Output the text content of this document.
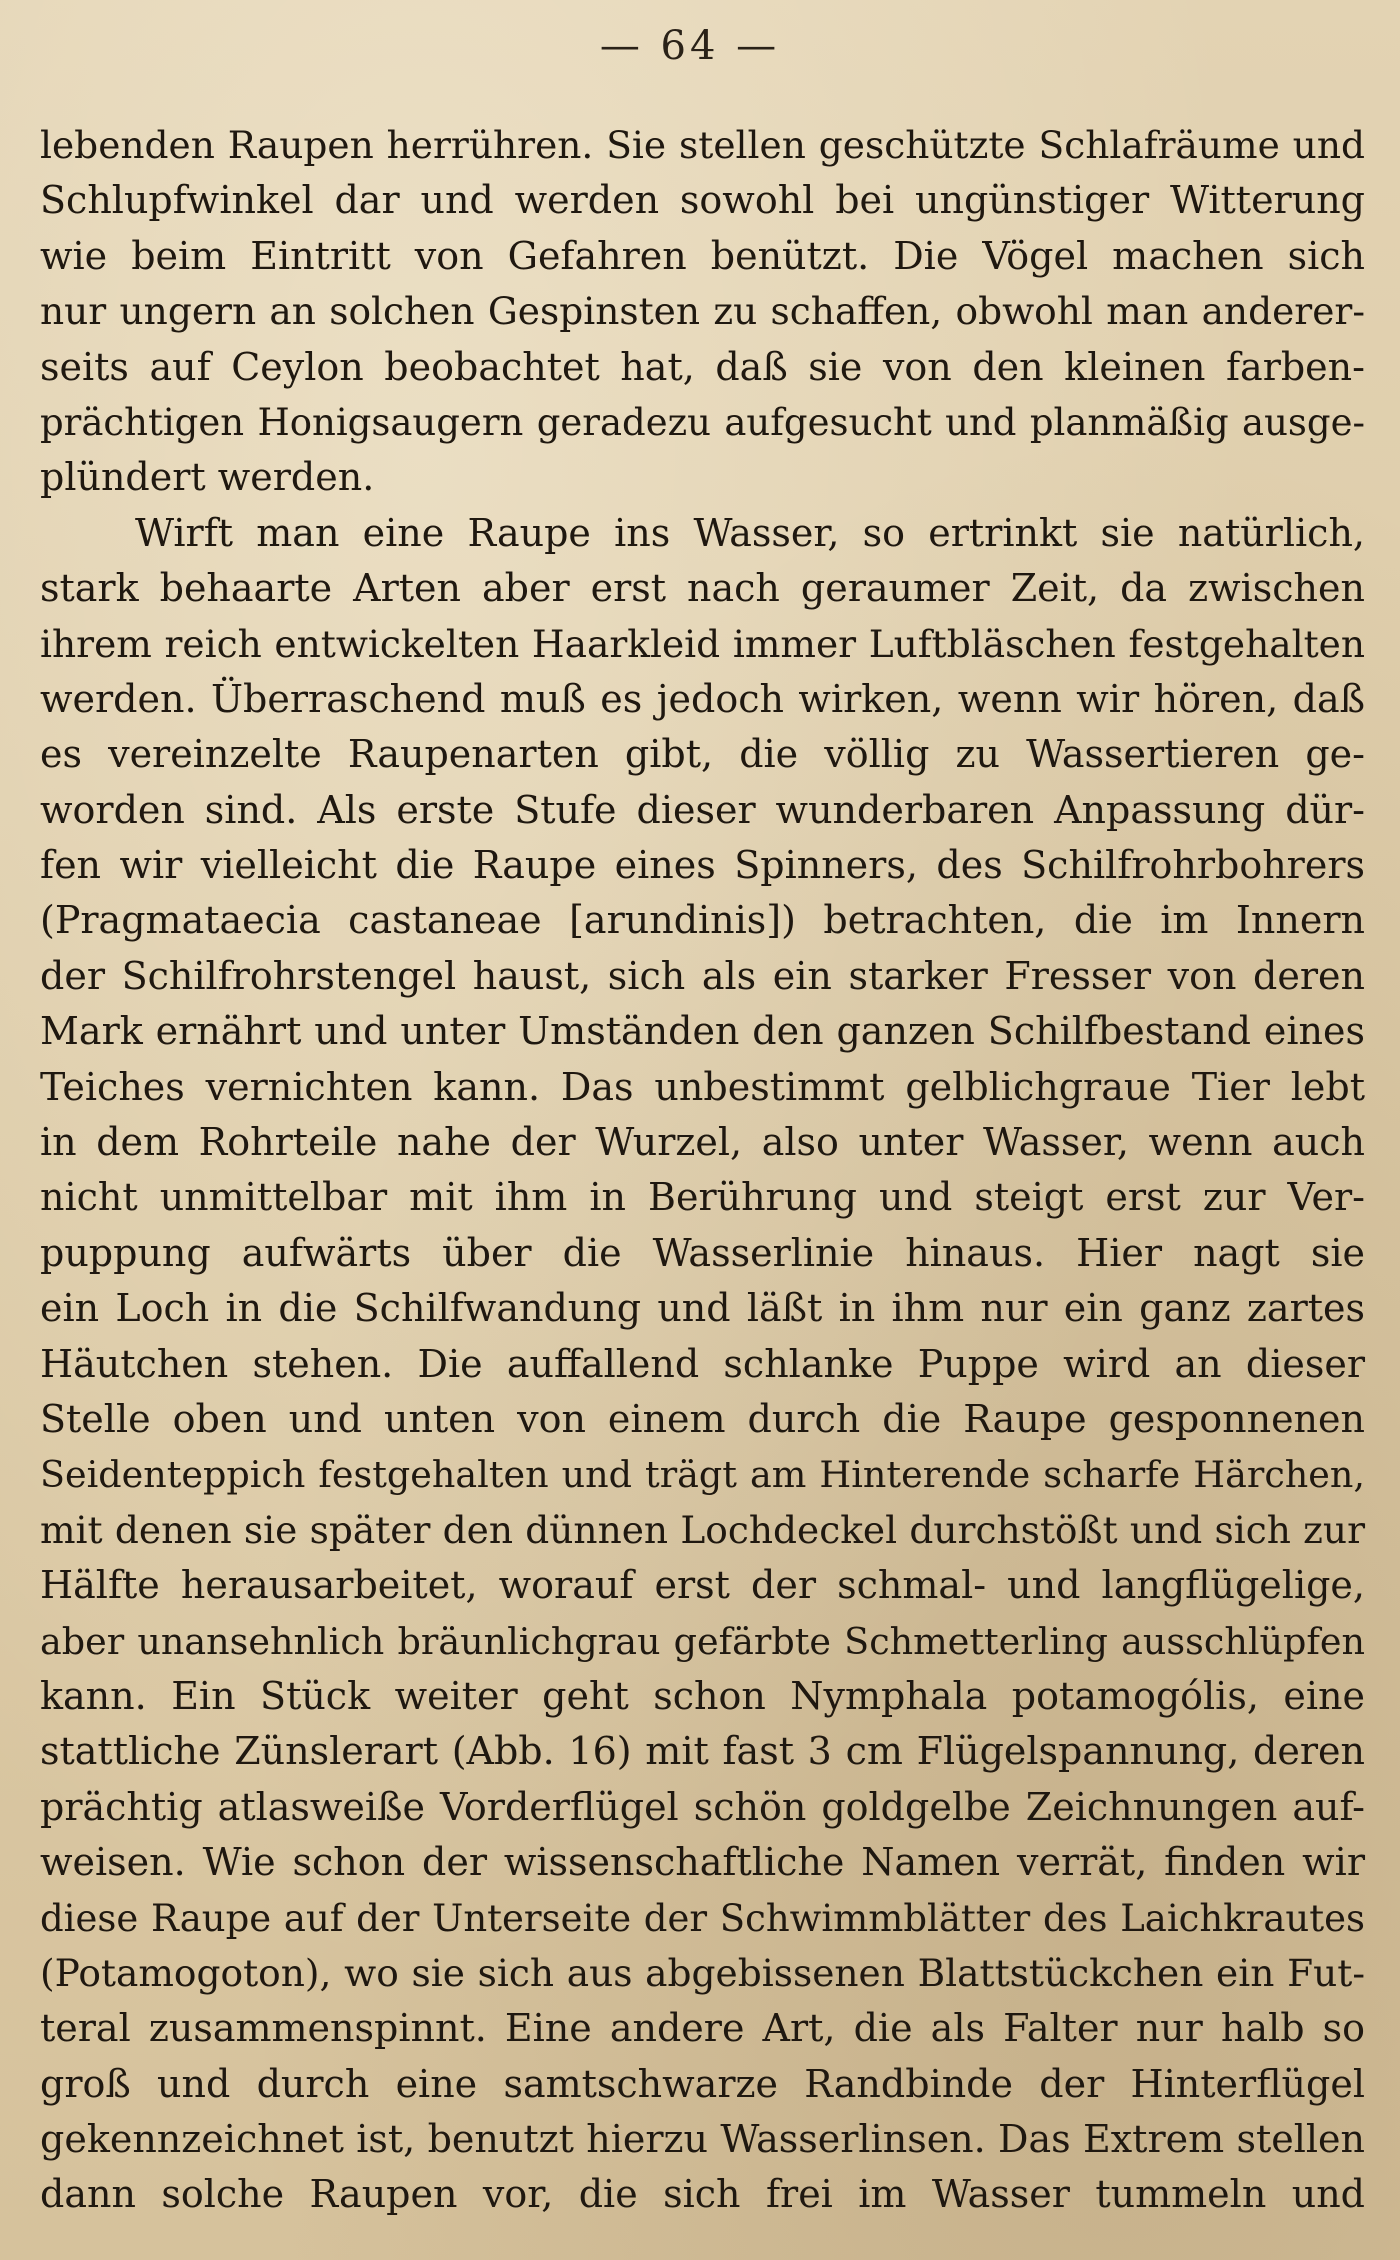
— 64 —
lebenden Raupen herrühren. Sie stellen geschützte Schlafräume und
Schlupfwinkel dar und werden sowohl bei ungünstiger Witterung
wie beim Eintritt von Gefahren benützt. Die Vögel machen sich
nur ungern an solchen Gespinsten zu schaffen, obwohl man anderer-
seits auf Ceylon beobachtet hat, daß sie von den kleinen farben-
prächtigen Honigsaugern geradezu aufgesucht und planmäßig ausge-
plündert werden.
Wirft man eine Raupe ins Wasser, so ertrinkt sie natürlich,
stark behaarte Arten aber erst nach geraumer Zeit, da zwischen
ihrem reich entwickelten Haarkleid immer Luftbläschen festgehalten
werden. Überraschend muß es jedoch wirken, wenn wir hören, daß
es vereinzelte Raupenarten gibt, die völlig zu Wassertieren ge-
worden sind. Als erste Stufe dieser wunderbaren Anpassung dür-
fen wir vielleicht die Raupe eines Spinners, des Schilfrohrbohrers
(Pragmataecia castaneae [arundinis]) betrachten, die im Innern
der Schilfrohrstengel haust, sich als ein starker Fresser von deren
Mark ernährt und unter Umständen den ganzen Schilfbestand eines
Teiches vernichten kann. Das unbestimmt gelblichgraue Tier lebt
in dem Rohrteile nahe der Wurzel, also unter Wasser, wenn auch
nicht unmittelbar mit ihm in Berührung und steigt erst zur Ver-
puppung aufwärts über die Wasserlinie hinaus. Hier nagt sie
ein Loch in die Schilfwandung und läßt in ihm nur ein ganz zartes
Häutchen stehen. Die auffallend schlanke Puppe wird an dieser
Stelle oben und unten von einem durch die Raupe gesponnenen
Seidenteppich festgehalten und trägt am Hinterende scharfe Härchen,
mit denen sie später den dünnen Lochdeckel durchstößt und sich zur
Hälfte herausarbeitet, worauf erst der schmal- und langflügelige,
aber unansehnlich bräunlichgrau gefärbte Schmetterling ausschlüpfen
kann. Ein Stück weiter geht schon Nymphala potamogólis, eine
stattliche Zünslerart (Abb. 16) mit fast 3 cm Flügelspannung, deren
prächtig atlasweiße Vorderflügel schön goldgelbe Zeichnungen auf-
weisen. Wie schon der wissenschaftliche Namen verrät, finden wir
diese Raupe auf der Unterseite der Schwimmblätter des Laichkrautes
(Potamogoton), wo sie sich aus abgebissenen Blattstückchen ein Fut-
teral zusammenspinnt. Eine andere Art, die als Falter nur halb so
groß und durch eine samtschwarze Randbinde der Hinterflügel
gekennzeichnet ist, benutzt hierzu Wasserlinsen. Das Extrem stellen
dann solche Raupen vor, die sich frei im Wasser tummeln und
